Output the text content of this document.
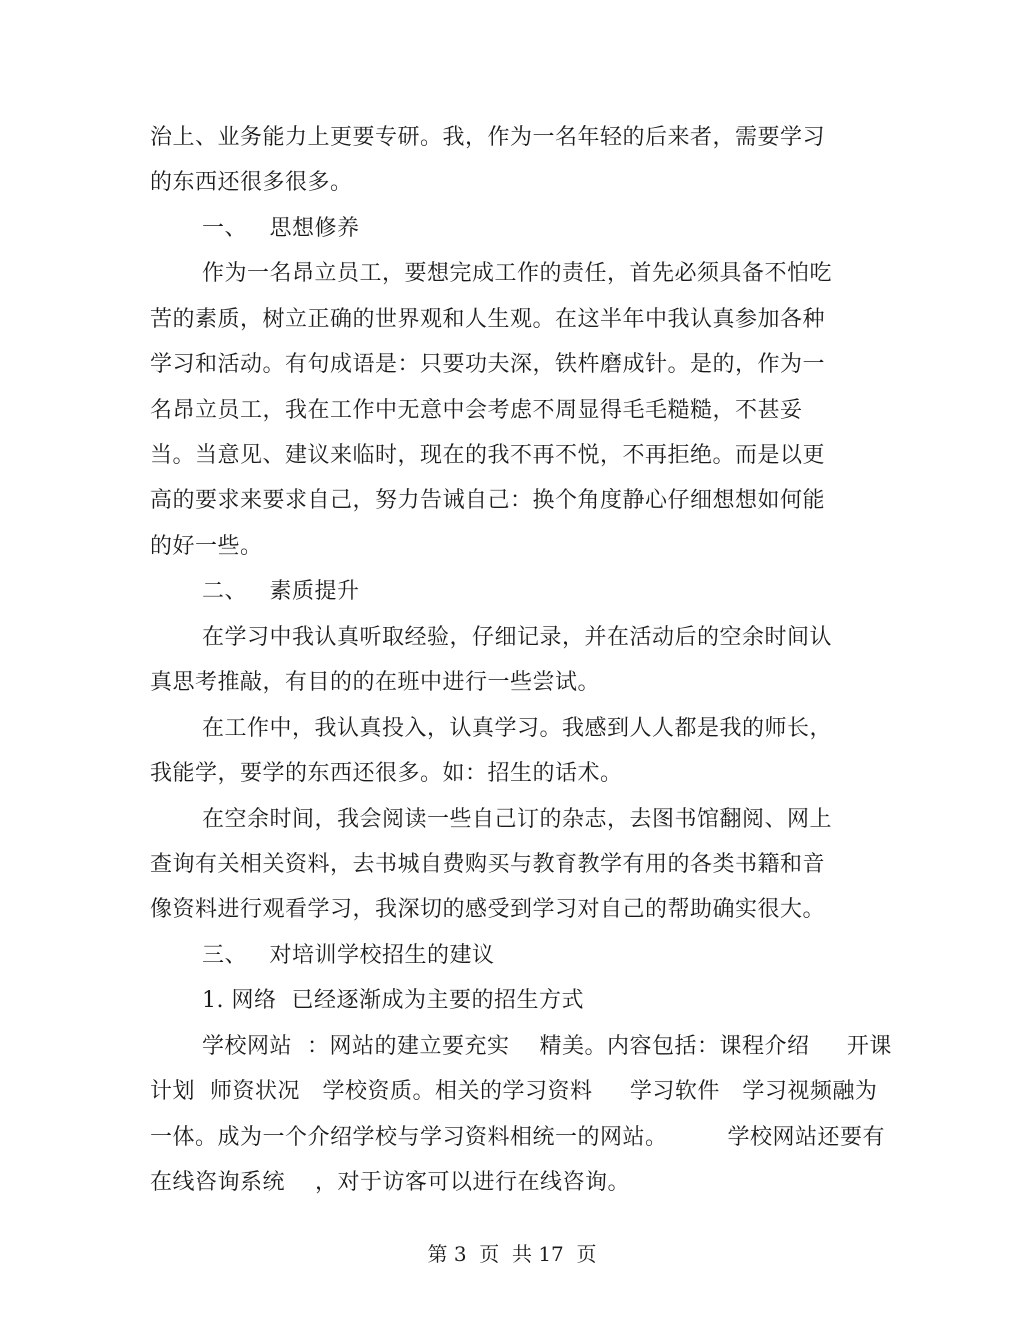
治上、业务能力上更要专研。我，作为一名年轻的后来者，需要学习
的东西还很多很多。
一、   思想修养
作为一名昂立员工，要想完成工作的责任，首先必须具备不怕吃
苦的素质，树立正确的世界观和人生观。在这半年中我认真参加各种
学习和活动。有句成语是：只要功夫深，铁杵磨成针。是的，作为一
名昂立员工，我在工作中无意中会考虑不周显得毛毛糙糙，不甚妥
当。当意见、建议来临时，现在的我不再不悦，不再拒绝。而是以更
高的要求来要求自己，努力告诫自己：换个角度静心仔细想想如何能
的好一些。
二、   素质提升
在学习中我认真听取经验，仔细记录，并在活动后的空余时间认
真思考推敲，有目的的在班中进行一些尝试。
在工作中，我认真投入，认真学习。我感到人人都是我的师长，
我能学，要学的东西还很多。如：招生的话术。
在空余时间，我会阅读一些自己订的杂志，去图书馆翻阅、网上
查询有关相关资料，去书城自费购买与教育教学有用的各类书籍和音
像资料进行观看学习，我深切的感受到学习对自己的帮助确实很大。
三、   对培训学校招生的建议
1. 网络  已经逐渐成为主要的招生方式
学校网站  ：网站的建立要充实    精美。内容包括：课程介绍     开课
计划  师资状况   学校资质。相关的学习资料     学习软件   学习视频融为
一体。成为一个介绍学校与学习资料相统一的网站。        学校网站还要有
在线咨询系统    ，对于访客可以进行在线咨询。
第 3  页  共 17  页
